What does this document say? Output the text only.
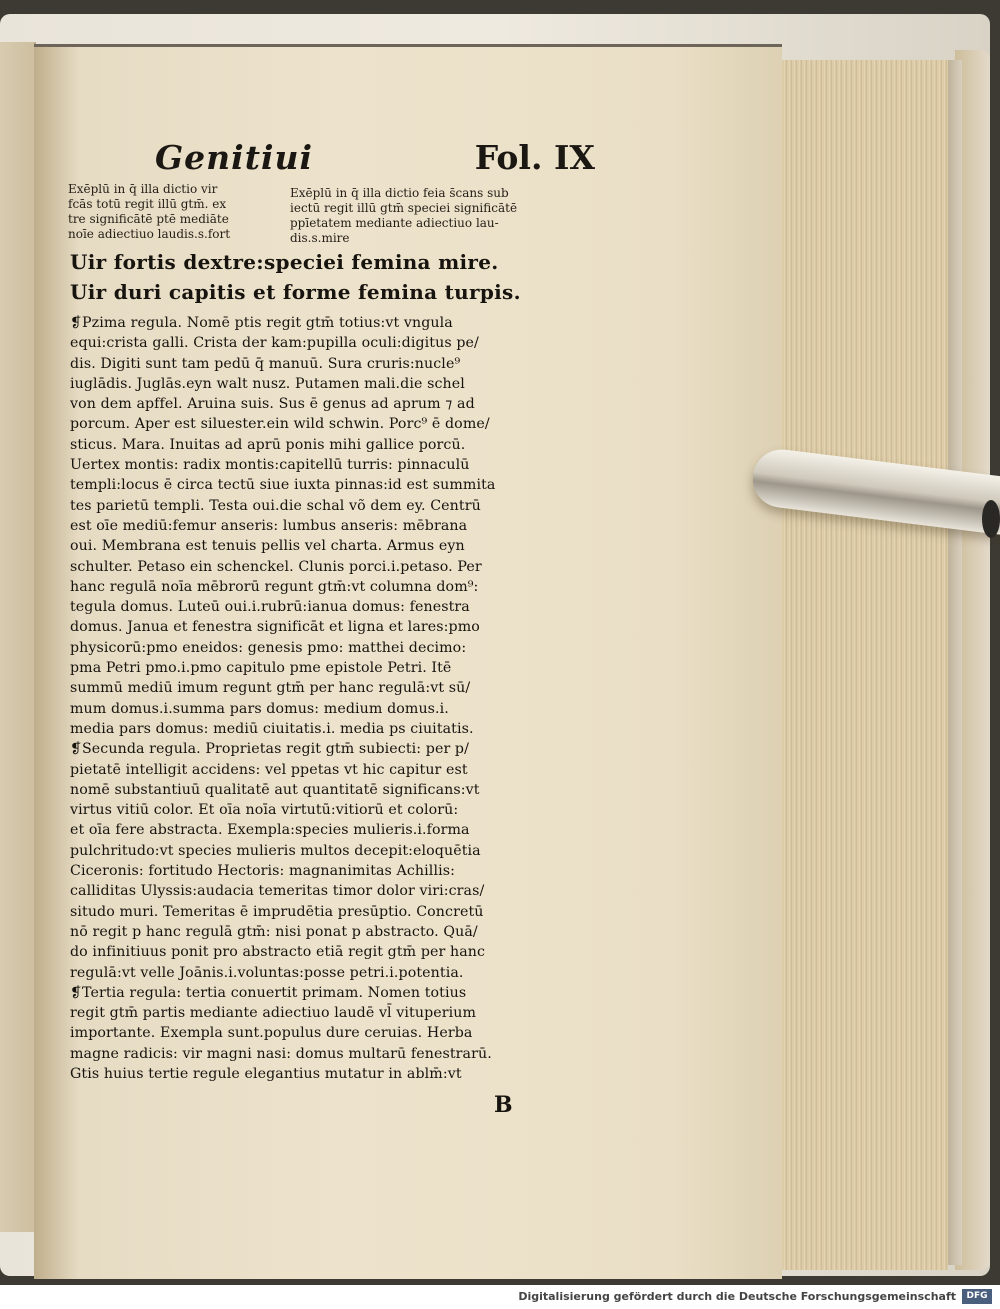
Genitiui	Fol. IX
Exēplū in q̄ illa dictio vir
fcās totū regit illū gtm̄. ex
tre significātē ptē mediāte
noīe adiectiuo laudis.s.fort
Exēplū in q̄ illa dictio feia s̄cans sub
iectū regit illū gtm̄ speciei significātē
ppīetatem mediante adiectiuo lau-
dis.s.mire
Uir fortis dextre:speciei femina mire.
Uir duri capitis et forme femina turpis.
❡Pzima regula. Nomē ptis regit gtm̄ totius:vt vngula
equi:crista galli. Crista der kam:pupilla oculi:digitus pe/
dis. Digiti sunt tam pedū q̄ manuū. Sura cruris:nucle⁹
iuglādis. Juglās.eyn walt nusz. Putamen mali.die schel
von dem apffel. Aruina suis. Sus ē genus ad aprum ⁊ ad
porcum. Aper est siluester.ein wild schwin. Porc⁹ ē dome/
sticus. Mara. Inuitas ad aprū ponis mihi gallice porcū.
Uertex montis: radix montis:capitellū turris: pinnaculū
templi:locus ē circa tectū siue iuxta pinnas:id est summita
tes parietū templi. Testa oui.die schal võ dem ey. Centrū
est oīe mediū:femur anseris: lumbus anseris: mēbrana
oui. Membrana est tenuis pellis vel charta. Armus eyn
schulter. Petaso ein schenckel. Clunis porci.i.petaso. Per
hanc regulā noīa mēbrorū regunt gtm̄:vt columna dom⁹:
tegula domus. Luteū oui.i.rubrū:ianua domus: fenestra
domus. Janua et fenestra significāt et ligna et lares:pmo
physicorū:pmo eneidos: genesis pmo: matthei decimo:
pma Petri pmo.i.pmo capitulo pme epistole Petri. Itē
summū mediū imum regunt gtm̄ per hanc regulā:vt sū/
mum domus.i.summa pars domus: medium domus.i.
media pars domus: mediū ciuitatis.i. media ps ciuitatis.
❡Secunda regula. Proprietas regit gtm̄ subiecti: per p/
pietatē intelligit accidens: vel ppetas vt hic capitur est
nomē substantiuū qualitatē aut quantitatē significans:vt
virtus vitiū color. Et oīa noīa virtutū:vitiorū et colorū:
et oīa fere abstracta. Exempla:species mulieris.i.forma
pulchritudo:vt species mulieris multos decepit:eloquētia
Ciceronis: fortitudo Hectoris: magnanimitas Achillis:
calliditas Ulyssis:audacia temeritas timor dolor viri:cras/
situdo muri. Temeritas ē imprudētia presūptio. Concretū
nō regit p hanc regulā gtm̄: nisi ponat p abstracto. Quā/
do infinitiuus ponit pro abstracto etiā regit gtm̄ per hanc
regulā:vt velle Joānis.i.voluntas:posse petri.i.potentia.
❡Tertia regula: tertia conuertit primam. Nomen totius
regit gtm̄ partis mediante adiectiuo laudē vl̄ vituperium
importante. Exempla sunt.populus dure ceruias. Herba
magne radicis: vir magni nasi: domus multarū fenestrarū.
Gtis huius tertie regule elegantius mutatur in ablm̄:vt
B
Digitalisierung gefördert durch die Deutsche Forschungsgemeinschaft	DFG
